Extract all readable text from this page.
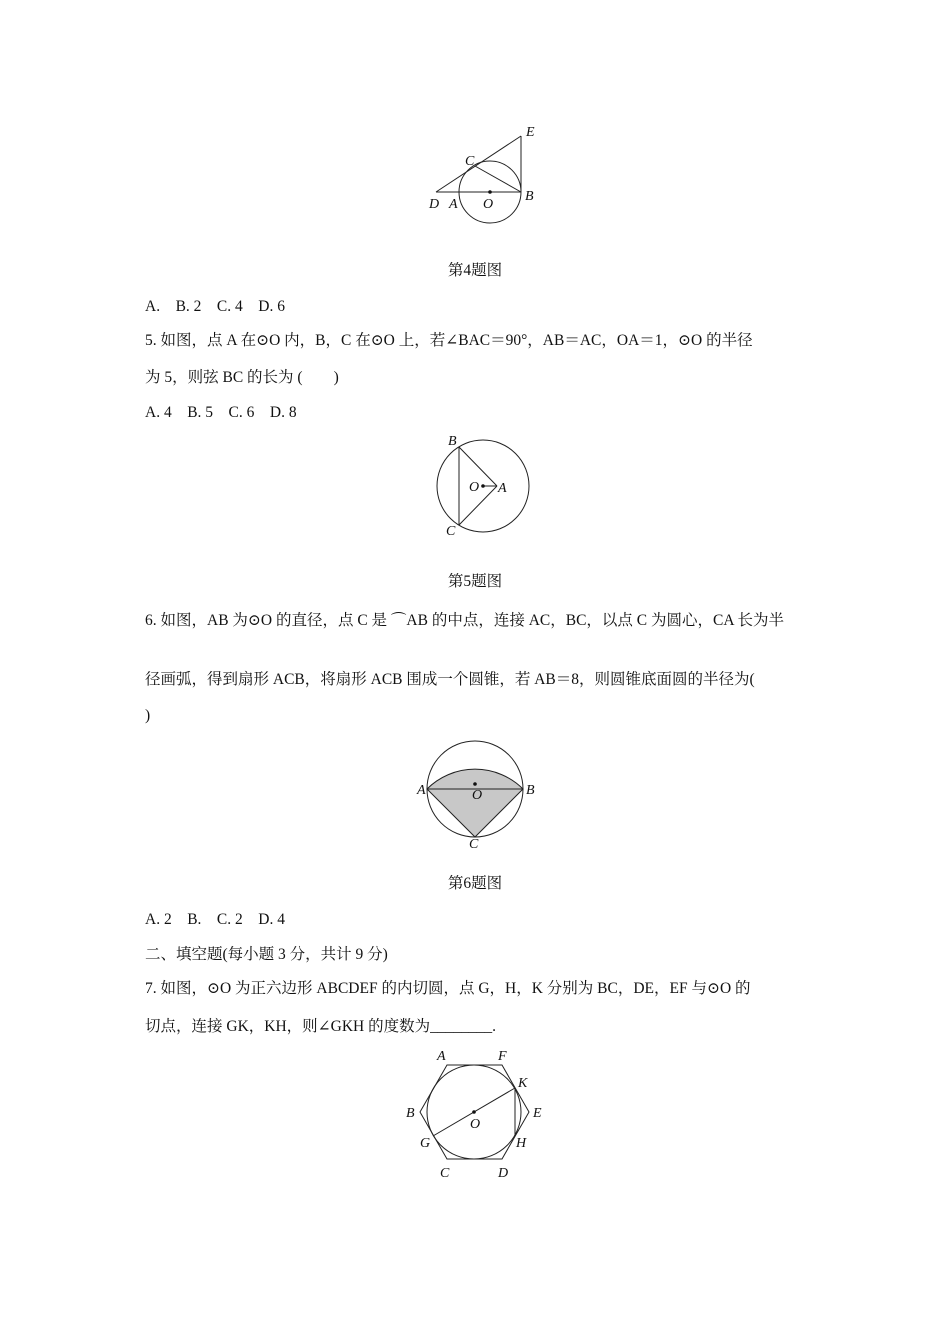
D A O
B
C
E
B
C
O A
A	B
O
C
A	F
K
B	E
O
G	H
C	D
第4题图
A.　B. 2　C. 4　D. 6
5. 如图，点 A 在⊙O 内，B，C 在⊙O 上，若∠BAC＝90°，AB＝AC，OA＝1，⊙O 的半径
为 5，则弦 BC 的长为 (　　)
A. 4　B. 5　C. 6　D. 8
第5题图
6. 如图，AB 为⊙O 的直径，点 C 是 ⌒AB 的中点，连接 AC，BC，以点 C 为圆心，CA 长为半
径画弧，得到扇形 ACB，将扇形 ACB 围成一个圆锥，若 AB＝8，则圆锥底面圆的半径为(
)
第6题图
A. 2　B.　C. 2　D. 4
二、填空题(每小题 3 分，共计 9 分)
7. 如图，⊙O 为正六边形 ABCDEF 的内切圆，点 G，H，K 分别为 BC，DE，EF 与⊙O 的
切点，连接 GK，KH，则∠GKH 的度数为________.
